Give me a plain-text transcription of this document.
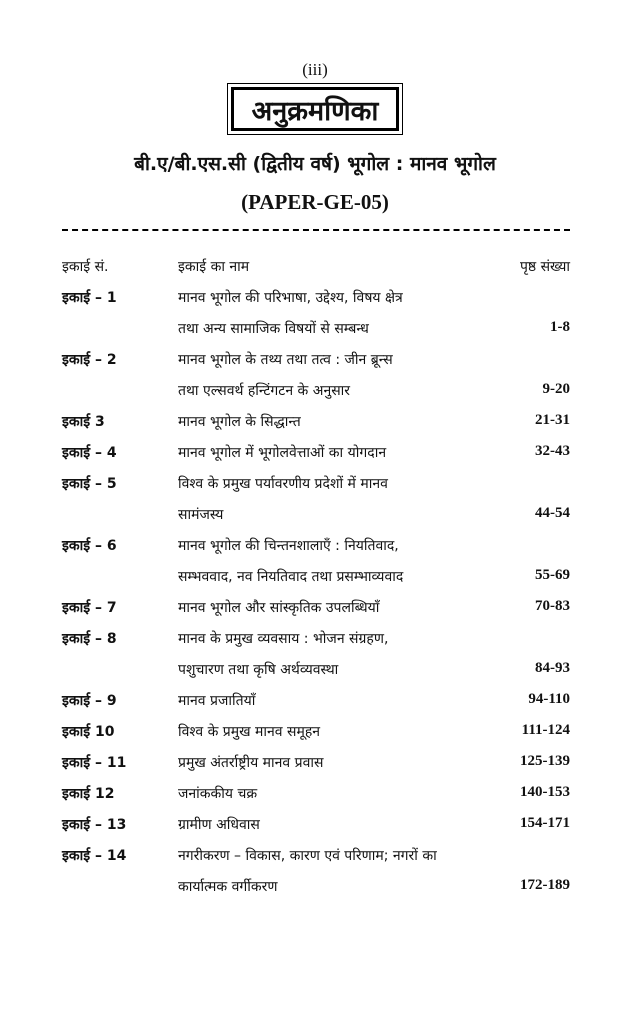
(iii)
अनुक्रमणिका
बी.ए/बी.एस.सी (द्वितीय वर्ष) भूगोल : मानव भूगोल
(PAPER-GE-05)
इकाई सं.	इकाई का नाम	पृष्ठ संख्या
इकाई – 1	मानव भूगोल की परिभाषा, उद्देश्य, विषय क्षेत्र
तथा अन्य सामाजिक विषयों से सम्बन्ध	1-8
इकाई – 2	मानव भूगोल के तथ्य तथा तत्व : जीन ब्रून्स
तथा एल्सवर्थ हन्टिंगटन के अनुसार	9-20
इकाई 3	मानव भूगोल के सिद्धान्त	21-31
इकाई – 4	मानव भूगोल में भूगोलवेत्ताओं का योगदान	32-43
इकाई – 5	विश्व के प्रमुख पर्यावरणीय प्रदेशों में मानव
सामंजस्य	44-54
इकाई – 6	मानव भूगोल की चिन्तनशालाएँ : नियतिवाद,
सम्भववाद, नव नियतिवाद तथा प्रसम्भाव्यवाद	55-69
इकाई – 7	मानव भूगोल और सांस्कृतिक उपलब्धियाँ	70-83
इकाई – 8	मानव के प्रमुख व्यवसाय : भोजन संग्रहण,
पशुचारण तथा कृषि अर्थव्यवस्था	84-93
इकाई – 9	मानव प्रजातियाँ	94-110
इकाई 10	विश्व के प्रमुख मानव समूहन	111-124
इकाई – 11	प्रमुख अंतर्राष्ट्रीय मानव प्रवास	125-139
इकाई 12	जनांककीय चक्र	140-153
इकाई – 13	ग्रामीण अधिवास	154-171
इकाई – 14	नगरीकरण – विकास, कारण एवं परिणाम; नगरों का
कार्यात्मक वर्गीकरण	172-189
